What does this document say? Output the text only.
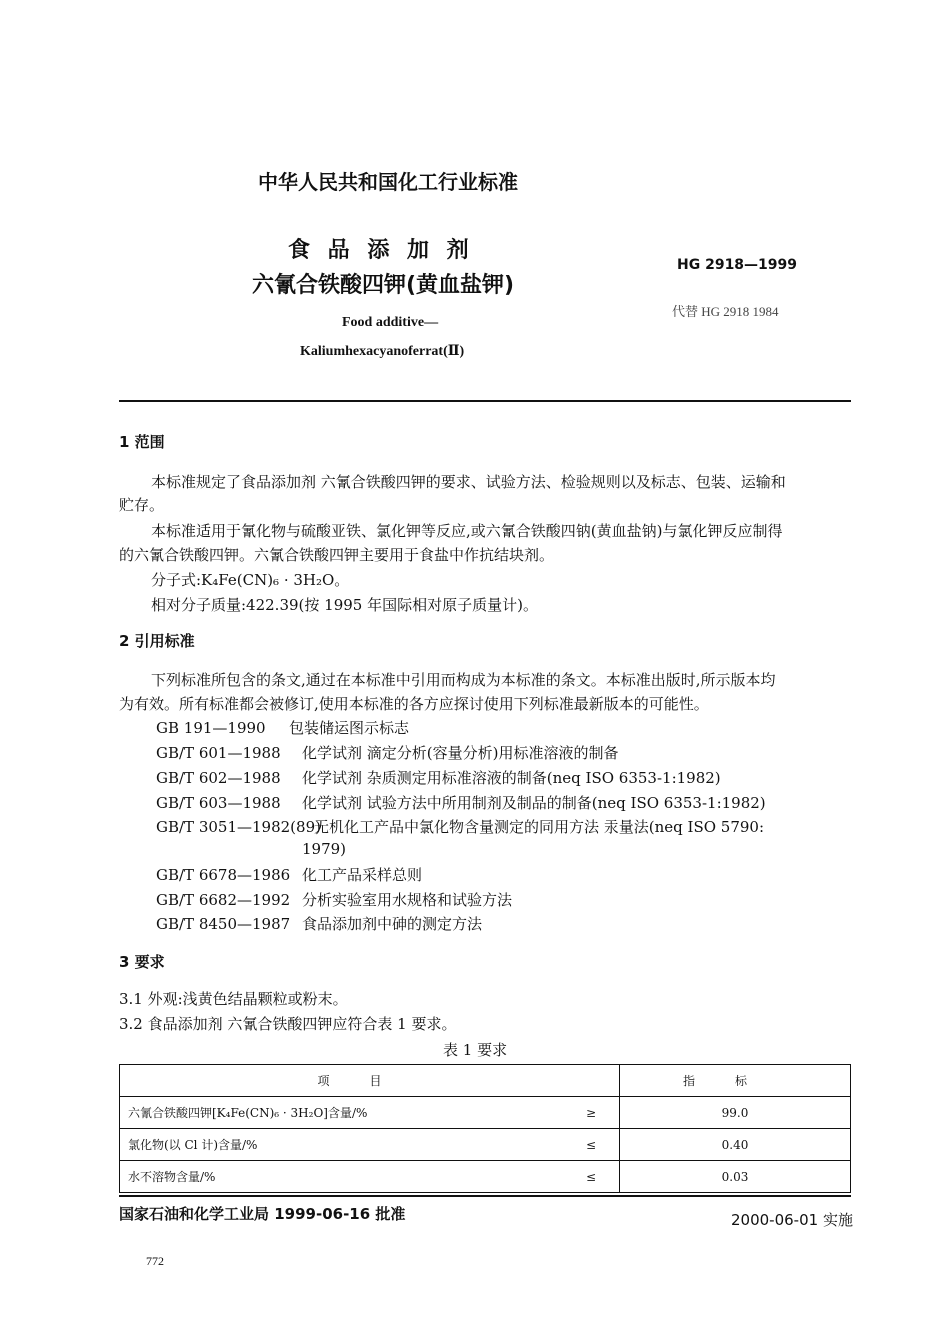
中华人民共和国化工行业标准
食 品 添 加 剂
六氰合铁酸四钾(黄血盐钾)
Food additive—
Kaliumhexacyanoferrat(Ⅱ)
HG 2918—1999
代替 HG 2918 1984
1 范围
本标准规定了食品添加剂 六氰合铁酸四钾的要求、试验方法、检验规则以及标志、包装、运输和
贮存。
本标准适用于氰化物与硫酸亚铁、氯化钾等反应,或六氰合铁酸四钠(黄血盐钠)与氯化钾反应制得
的六氰合铁酸四钾。六氰合铁酸四钾主要用于食盐中作抗结块剂。
分子式:K₄Fe(CN)₆ · 3H₂O。
相对分子质量:422.39(按 1995 年国际相对原子质量计)。
2 引用标准
下列标准所包含的条文,通过在本标准中引用而构成为本标准的条文。本标准出版时,所示版本均
为有效。所有标准都会被修订,使用本标准的各方应探讨使用下列标准最新版本的可能性。
GB 191—1990 包装储运图示标志
GB/T 601—1988 化学试剂 滴定分析(容量分析)用标准溶液的制备
GB/T 602—1988 化学试剂 杂质测定用标准溶液的制备(neq ISO 6353-1:1982)
GB/T 603—1988 化学试剂 试验方法中所用制剂及制品的制备(neq ISO 6353-1:1982)
GB/T 3051—1982(89)无机化工产品中氯化物含量测定的同用方法 汞量法(neq ISO 5790:
1979)
GB/T 6678—1986 化工产品采样总则
GB/T 6682—1992 分析实验室用水规格和试验方法
GB/T 8450—1987 食品添加剂中砷的测定方法
3 要求
3.1 外观:浅黄色结晶颗粒或粉末。
3.2 食品添加剂 六氰合铁酸四钾应符合表 1 要求。
表 1 要求
项目		指标
六氰合铁酸四钾[K₄Fe(CN)₆ · 3H₂O]含量/%	≥	99.0
氯化物(以 Cl 计)含量/%	≤	0.40
水不溶物含量/%	≤	0.03
国家石油和化学工业局 1999-06-16 批准	2000-06-01 实施
772
